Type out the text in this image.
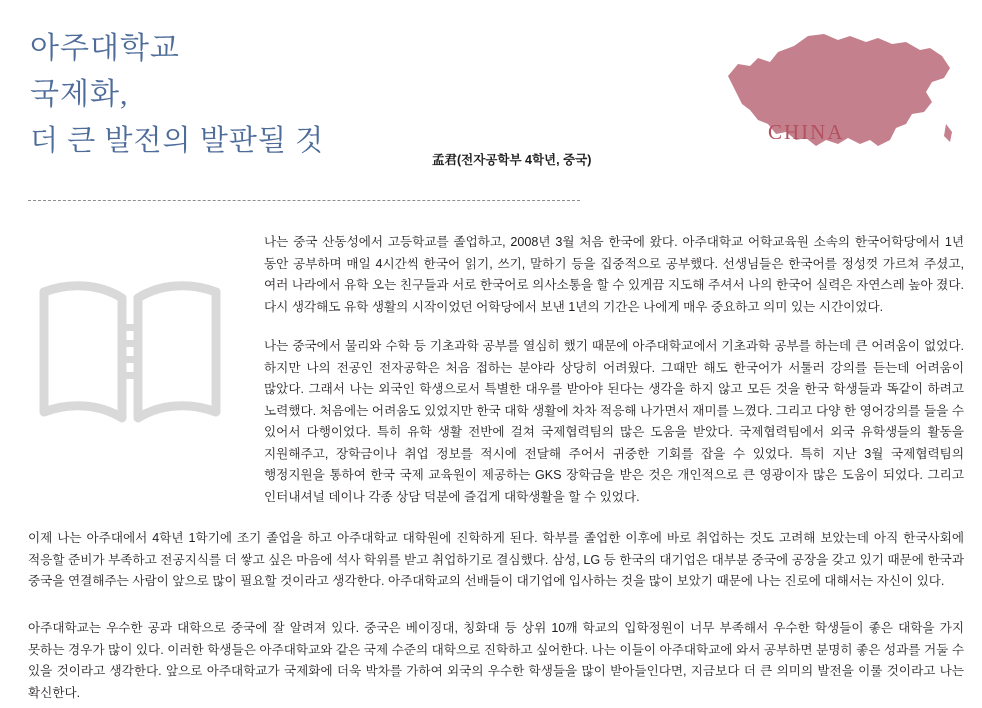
아주대학교
국제화,
더 큰 발전의 발판될 것
孟君(전자공학부 4학년, 중국)
CHINA

나는 중국 산동성에서 고등학교를 졸업하고, 2008년 3월 처음 한국에 왔다. 아주대학교 어학교육원 소속의 한국어학당에서 1년 동안 공부하며 매일 4시간씩 한국어 읽기, 쓰기, 말하기 등을 집중적으로 공부했다. 선생님들은 한국어를 정성껏 가르쳐 주셨고, 여러 나라에서 유학 오는 친구들과 서로 한국어로 의사소통을 할 수 있게끔 지도해 주셔서 나의 한국어 실력은 자연스레 높아 졌다. 다시 생각해도 유학 생활의 시작이었던 어학당에서 보낸 1년의 기간은 나에게 매우 중요하고 의미 있는 시간이었다.

나는 중국에서 물리와 수학 등 기초과학 공부를 열심히 했기 때문에 아주대학교에서 기초과학 공부를 하는데 큰 어려움이 없었다. 하지만 나의 전공인 전자공학은 처음 접하는 분야라 상당히 어려웠다. 그때만 해도 한국어가 서툴러 강의를 듣는데 어려움이 많았다. 그래서 나는 외국인 학생으로서 특별한 대우를 받아야 된다는 생각을 하지 않고 모든 것을 한국 학생들과 똑같이 하려고 노력했다. 처음에는 어려움도 있었지만 한국 대학 생활에 차차 적응해 나가면서 재미를 느꼈다. 그리고 다양 한 영어강의를 들을 수 있어서 다행이었다. 특히 유학 생활 전반에 걸쳐 국제협력팀의 많은 도움을 받았다. 국제협력팀에서 외국 유학생들의 활동을 지원해주고, 장학금이나 취업 정보를 적시에 전달해 주어서 귀중한 기회를 잡을 수 있었다. 특히 지난 3월 국제협력팀의 행정지원을 통하여 한국 국제 교육원이 제공하는 GKS 장학금을 받은 것은 개인적으로 큰 영광이자 많은 도움이 되었다. 그리고 인터내셔널 데이나 각종 상담 덕분에 즐겁게 대학생활을 할 수 있었다.

이제 나는 아주대에서 4학년 1학기에 조기 졸업을 하고 아주대학교 대학원에 진학하게 된다. 학부를 졸업한 이후에 바로 취업하는 것도 고려해 보았는데 아직 한국사회에 적응할 준비가 부족하고 전공지식를 더 쌓고 싶은 마음에 석사 학위를 받고 취업하기로 결심했다. 삼성, LG 등 한국의 대기업은 대부분 중국에 공장을 갖고 있기 때문에 한국과 중국을 연결해주는 사람이 앞으로 많이 필요할 것이라고 생각한다. 아주대학교의 선배들이 대기업에 입사하는 것을 많이 보았기 때문에 나는 진로에 대해서는 자신이 있다.

아주대학교는 우수한 공과 대학으로 중국에 잘 알려져 있다. 중국은 베이징대, 칭화대 등 상위 10깨 학교의 입학정원이 너무 부족해서 우수한 학생들이 좋은 대학을 가지 못하는 경우가 많이 있다. 이러한 학생들은 아주대학교와 같은 국제 수준의 대학으로 진학하고 싶어한다. 나는 이들이 아주대학교에 와서 공부하면 분명히 좋은 성과를 거둘 수 있을 것이라고 생각한다. 앞으로 아주대학교가 국제화에 더욱 박차를 가하여 외국의 우수한 학생들을 많이 받아들인다면, 지금보다 더 큰 의미의 발전을 이룰 것이라고 나는 확신한다.
